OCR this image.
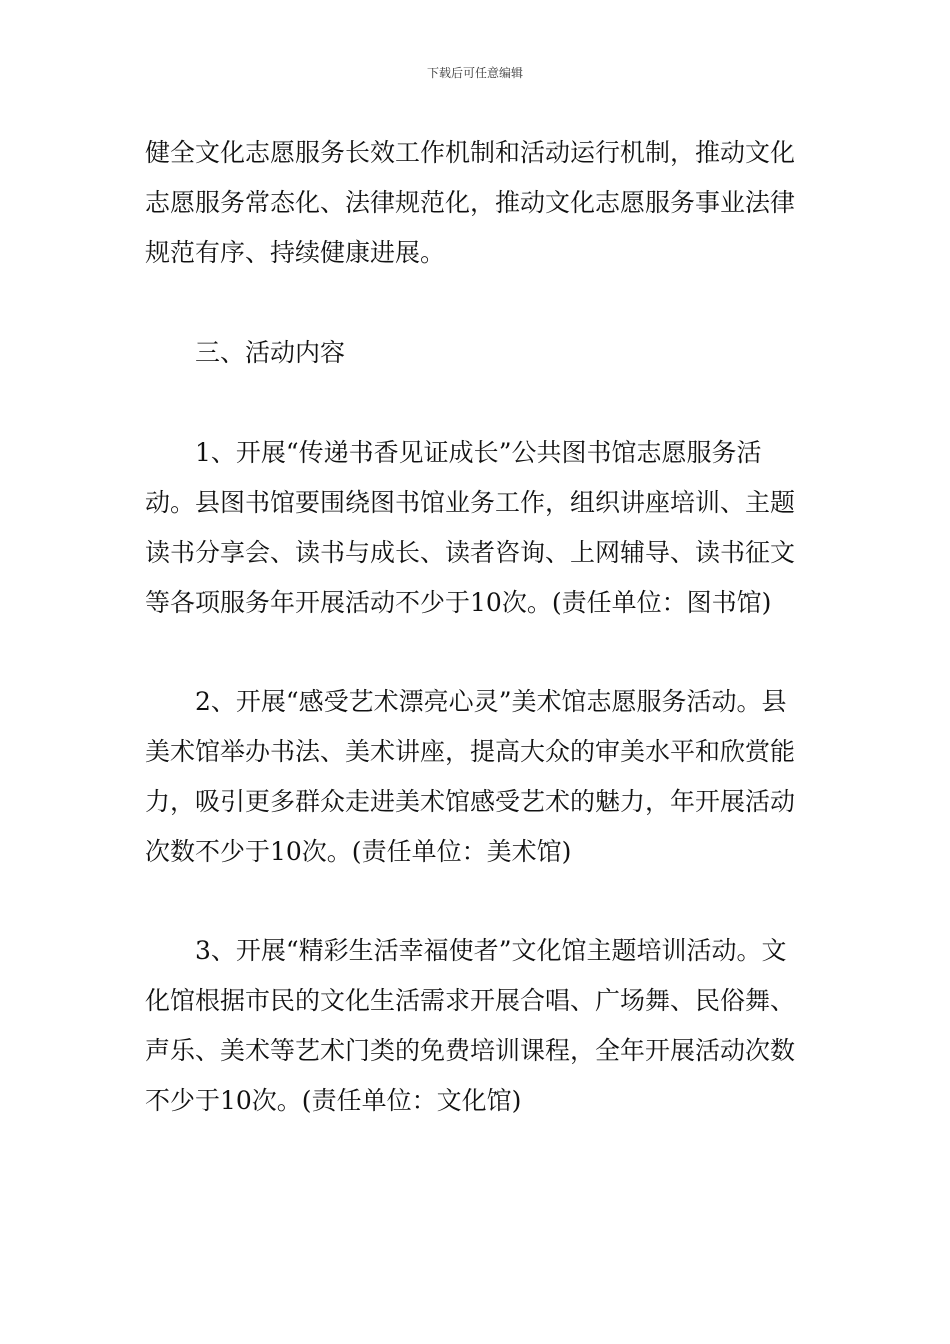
下载后可任意编辑

健全文化志愿服务长效工作机制和活动运行机制，推动文化志愿服务常态化、法律规范化，推动文化志愿服务事业法律规范有序、持续健康进展。

三、活动内容

1、开展“传递书香见证成长”公共图书馆志愿服务活动。县图书馆要围绕图书馆业务工作，组织讲座培训、主题读书分享会、读书与成长、读者咨询、上网辅导、读书征文等各项服务年开展活动不少于10次。(责任单位：图书馆)

2、开展“感受艺术漂亮心灵”美术馆志愿服务活动。县美术馆举办书法、美术讲座，提高大众的审美水平和欣赏能力，吸引更多群众走进美术馆感受艺术的魅力，年开展活动次数不少于10次。(责任单位：美术馆)

3、开展“精彩生活幸福使者”文化馆主题培训活动。文化馆根据市民的文化生活需求开展合唱、广场舞、民俗舞、声乐、美术等艺术门类的免费培训课程，全年开展活动次数不少于10次。(责任单位：文化馆)
